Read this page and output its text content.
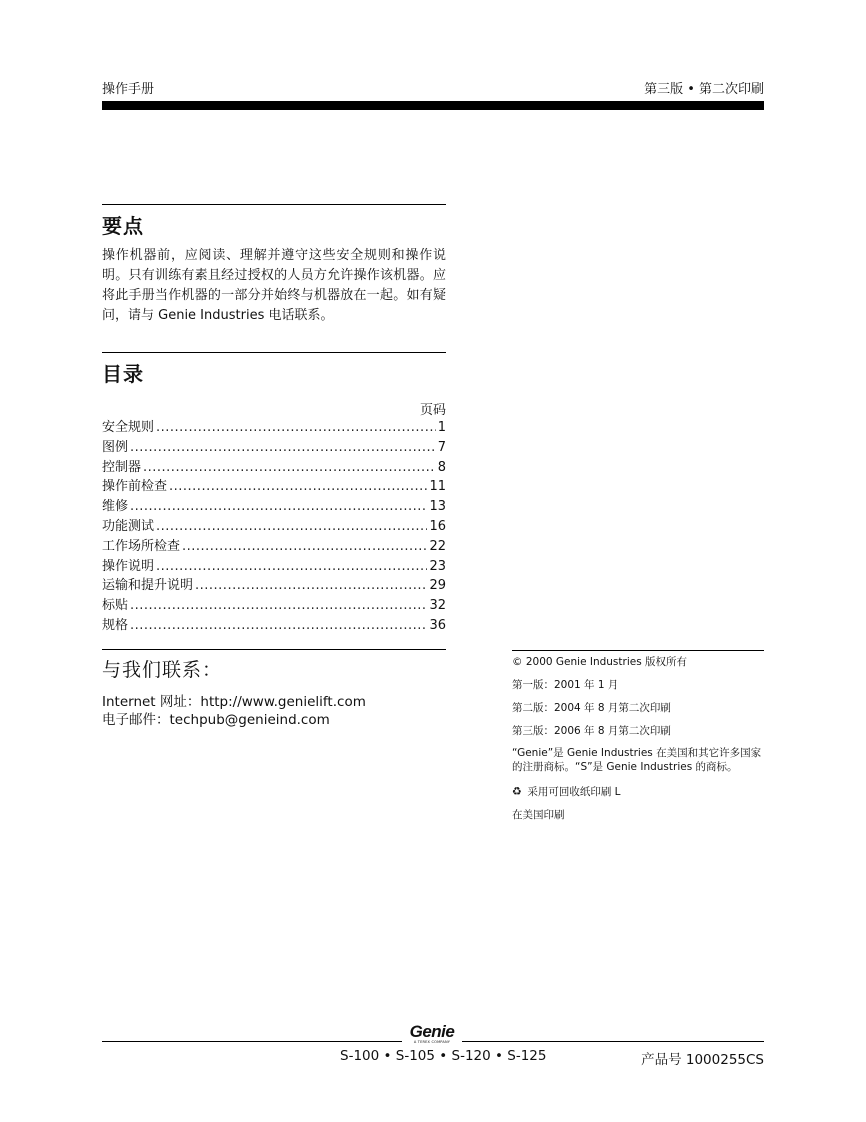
操作手册	第三版 • 第二次印刷
要点
操作机器前，应阅读、理解并遵守这些安全规则和操作说明。只有训练有素且经过授权的人员方允许操作该机器。应将此手册当作机器的一部分并始终与机器放在一起。如有疑问，请与 Genie Industries 电话联系。
目录
页码
安全规则 .....	1
图例 .....	7
控制器 .....	8
操作前检查 .....	11
维修 .....	13
功能测试 .....	16
工作场所检查 .....	22
操作说明 .....	23
运输和提升说明 .....	29
标贴 .....	32
规格 .....	36
与我们联系：
Internet 网址：http://www.genielift.com
电子邮件：techpub@genieind.com
© 2000 Genie Industries 版权所有
第一版：2001 年 1 月
第二版：2004 年 8 月第二次印刷
第三版：2006 年 8 月第二次印刷
“Genie”是 Genie Industries 在美国和其它许多国家的注册商标。“S”是 Genie Industries 的商标。
♻ 采用可回收纸印刷 L
在美国印刷
Genie
A TEREX COMPANY
S-100 • S-105 • S-120 • S-125	产品号 1000255CS
